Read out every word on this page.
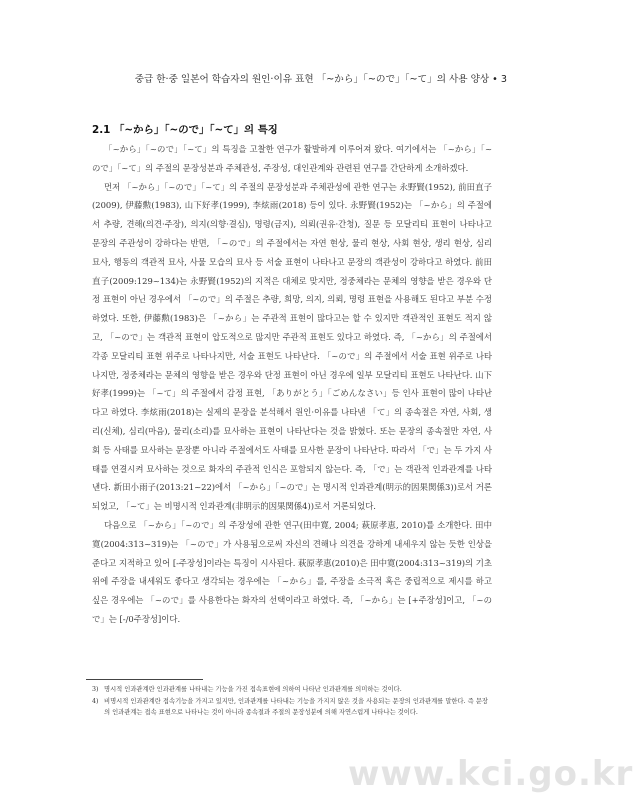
중급 한·중 일본어 학습자의 원인·이유 표현 「~から」「~ので」「~て」의 사용 양상 • 3
2.1 「~から」「~ので」「~て」의 특징

「~から」「~ので」「~て」의 특징을 고찰한 연구가 활발하게 이루어져 왔다. 여기에서는 「~から」「~ので」「~て」의 주절의 문장성분과 주체관성, 주장성, 대인관계와 관련된 연구를 간단하게 소개하겠다.

먼저 「~から」「~ので」「~て」의 주절의 문장성분과 주체관성에 관한 연구는 永野賢(1952), 前田直子(2009), 伊藤勲(1983), 山下好孝(1999), 李炫雨(2018) 등이 있다. 永野賢(1952)는 「~から」의 주절에서 추량, 견해(의견·주장), 의지(의향·결심), 명령(금지), 의뢰(권유·간청), 질문 등 모달리티 표현이 나타나고 문장의 주관성이 강하다는 반면, 「~ので」의 주절에서는 자연 현상, 물리 현상, 사회 현상, 생리 현상, 심리 묘사, 행동의 객관적 묘사, 사물 모습의 묘사 등 서술 표현이 나타나고 문장의 객관성이 강하다고 하였다. 前田直子(2009:129~134)는 永野賢(1952)의 지적은 대체로 맞지만, 정중체라는 문체의 영향을 받은 경우와 단정 표현이 아닌 경우에서 「~ので」의 주절은 추량, 희망, 의지, 의뢰, 명령 표현을 사용해도 된다고 부분 수정하였다. 또한, 伊藤勲(1983)은 「~から」는 주관적 표현이 많다고는 할 수 있지만 객관적인 표현도 적지 않고, 「~ので」는 객관적 표현이 압도적으로 많지만 주관적 표현도 있다고 하였다. 즉, 「~から」의 주절에서 각종 모달리티 표현 위주로 나타나지만, 서술 표현도 나타난다. 「~ので」의 주절에서 서술 표현 위주로 나타나지만, 정중체라는 문체의 영향을 받은 경우와 단정 표현이 아닌 경우에 일부 모달리티 표현도 나타난다. 山下好孝(1999)는 「~て」의 주절에서 감정 표현, 「ありがとう」「ごめんなさい」등 인사 표현이 많이 나타난다고 하였다. 李炫雨(2018)는 실제의 문장을 분석해서 원인·이유를 나타낸 「て」의 종속절은 자연, 사회, 생리(신체), 심리(마음), 물리(소리)를 묘사하는 표현이 나타난다는 것을 밝혔다. 또는 문장의 종속절만 자연, 사회 등 사태를 묘사하는 문장뿐 아니라 주절에서도 사태를 묘사한 문장이 나타난다. 따라서 「で」는 두 가지 사태를 연결시켜 묘사하는 것으로 화자의 주관적 인식은 포함되지 않는다. 즉, 「で」는 객관적 인과관계를 나타낸다. 新田小雨子(2013:21~22)에서 「~から」「~ので」는 명시적 인과관계(明示的因果関係3))로서 거론되었고, 「~て」는 비명시적 인과관계(非明示的因果関係4))로서 거론되었다.

다음으로 「~から」「~ので」의 주장성에 관한 연구(田中寛, 2004; 萩原孝恵, 2010)를 소개한다. 田中寛(2004:313~319)는 「~ので」가 사용됨으로써 자신의 견해나 의견을 강하게 내세우지 않는 듯한 인상을 준다고 지적하고 있어 [-주장성]이라는 특징이 시사된다. 萩原孝恵(2010)은 田中寛(2004:313~319)의 기초 위에 주장을 내세워도 좋다고 생각되는 경우에는 「~から」를, 주장을 소극적 혹은 중립적으로 제시를 하고 싶은 경우에는 「~ので」를 사용한다는 화자의 선택이라고 하였다. 즉, 「~から」는 [+주장성]이고, 「~ので」는 [-/0주장성]이다.

3) 명시적 인과관계란 인과관계를 나타내는 기능을 가진 접속표현에 의하여 나타난 인과관계를 의미하는 것이다.
4) 비명시적 인과관계란 접속기능을 가지고 있지만, 인과관계를 나타내는 기능을 가지지 않은 것을 사용되는 문장의 인과관계를 말한다. 즉 문장의 인과관계는 접속 표현으로 나타나는 것이 아니라 종속절과 주절의 문장성분에 의해 자연스럽게 나타나는 것이다.
www.kci.go.kr
